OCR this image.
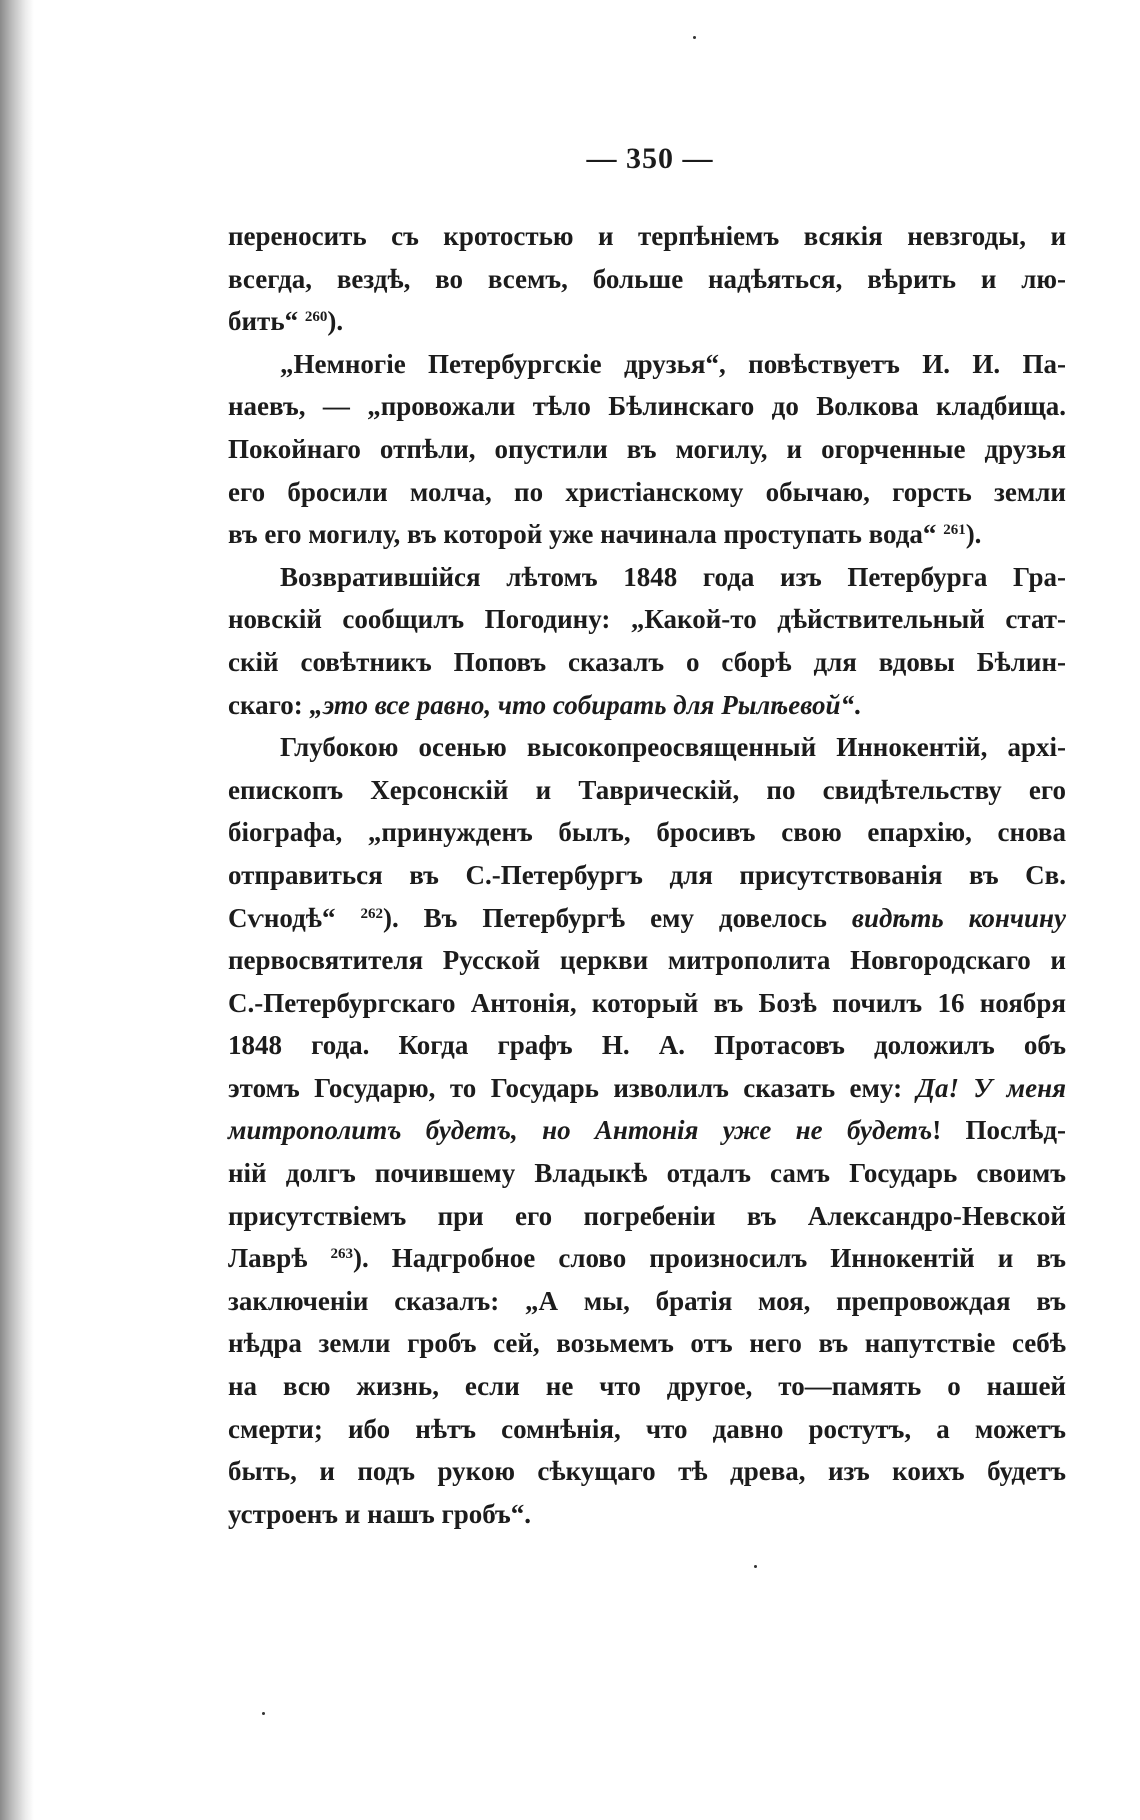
— 350 —
переносить съ кротостью и терпѣніемъ всякія невзгоды, и
всегда, вездѣ, во всемъ, больше надѣяться, вѣрить и лю-
бить“ $^{260}$).
„Немногіе Петербургскіе друзья“, повѣствуетъ И. И. Па-
наевъ, — „провожали тѣло Бѣлинскаго до Волкова кладбища.
Покойнаго отпѣли, опустили въ могилу, и огорченные друзья
его бросили молча, по христіанскому обычаю, горсть земли
въ его могилу, въ которой уже начинала проступать вода“ $^{261}$).
Возвратившійся лѣтомъ 1848 года изъ Петербурга Гра-
новскій сообщилъ Погодину: „Какой-то дѣйствительный стат-
скій совѣтникъ Поповъ сказалъ о сборѣ для вдовы Бѣлин-
скаго: „это все равно, что собирать для Рылѣевой“.
Глубокою осенью высокопреосвященный Иннокентій, архі-
епископъ Херсонскій и Таврическій, по свидѣтельству его
біографа, „принужденъ былъ, бросивъ свою епархію, снова
отправиться въ С.-Петербургъ для присутствованія въ Св.
Сѵнодѣ“ $^{262}$). Въ Петербургѣ ему довелось видѣть кончину
первосвятителя Русской церкви митрополита Новгородскаго и
С.-Петербургскаго Антонія, который въ Бозѣ почилъ 16 ноября
1848 года. Когда графъ Н. А. Протасовъ доложилъ объ
этомъ Государю, то Государь изволилъ сказать ему: Да! У меня
митрополитъ будетъ, но Антонія уже не будетъ! Послѣд-
ній долгъ почившему Владыкѣ отдалъ самъ Государь своимъ
присутствіемъ при его погребеніи въ Александро-Невской
Лаврѣ $^{263}$). Надгробное слово произносилъ Иннокентій и въ
заключеніи сказалъ: „А мы, братія моя, препровождая въ
нѣдра земли гробъ сей, возьмемъ отъ него въ напутствіе себѣ
на всю жизнь, если не что другое, то—память о нашей
смерти; ибо нѣтъ сомнѣнія, что давно ростутъ, а можетъ
быть, и подъ рукою сѣкущаго тѣ древа, изъ коихъ будетъ
устроенъ и нашъ гробъ“.
